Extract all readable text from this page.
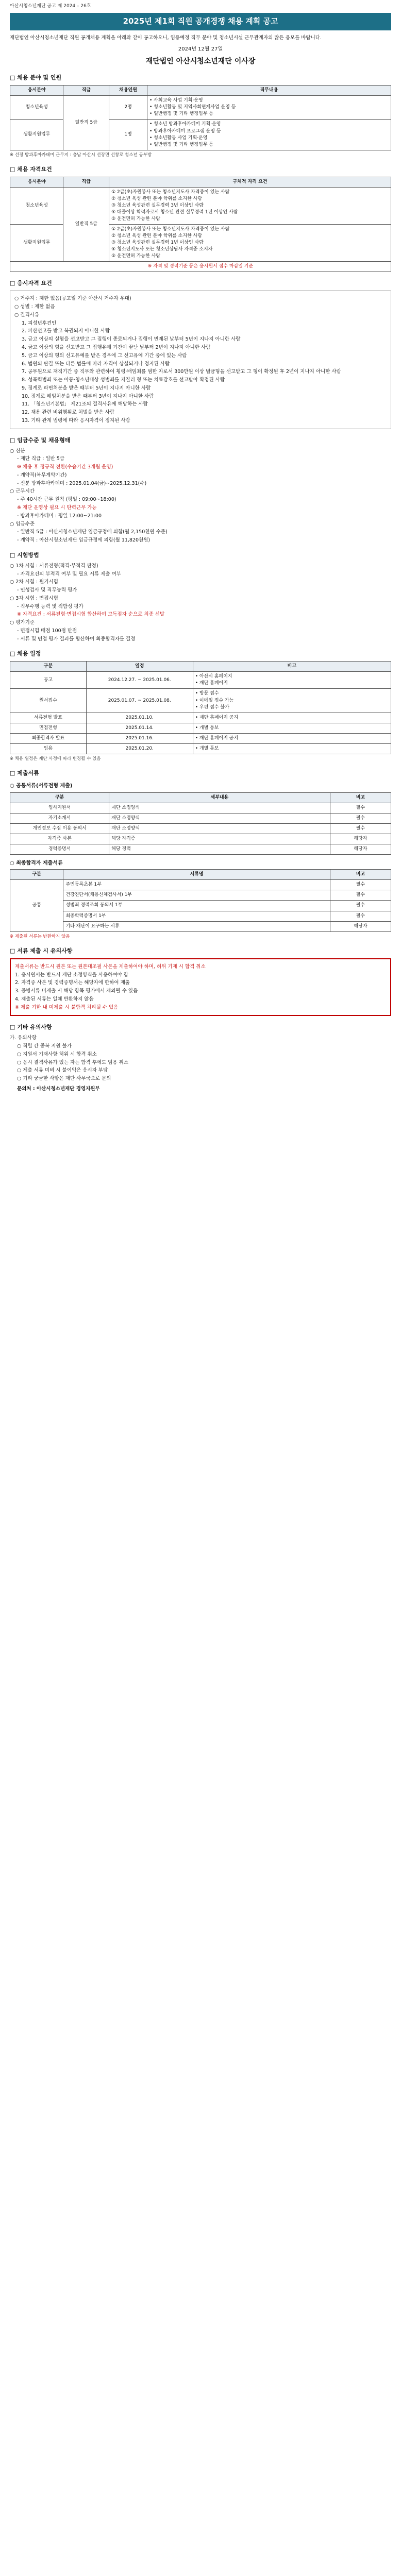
아산시청소년재단 공고 제 2024 – 26호
2025년 제1회 직원 공개경쟁 채용 계획 공고
재단법인 아산시청소년재단 직원 공개채용 계획을 아래와 같이 공고하오니, 임용예정 직무 분야 및 청소년시설 근무관계자의 많은 응모를 바랍니다.
2024년 12월 27일
재단법인 아산시청소년재단 이사장
□ 채용 분야 및 인원
응시분야	직급	채용인원	직무내용
청소년육성	일반직 5급	2명	• 사회교육 사업 기획·운영
• 청소년활동 및 지역사회연계사업 운영 등
• 일반행정 및 기타 행정업무 등
생활지원업무		1명	• 청소년 방과후아카데미 기획·운영
• 방과후아카데미 프로그램 운영 등
• 청소년활동 사업 기획·운영
• 일반행정 및 기타 행정업무 등
※ 선정 방과후아카데미 근무지 : 충남 아산시 선장면 선창로 청소년 공부방
□ 채용 자격요건
응시분야	직급	구체적 자격 요건
청소년육성	일반직 5급	① 2급(초)자원봉사 또는 청소년지도사 자격증이 있는 사람
② 청소년 육성 관련 분야 학위를 소지한 사람
③ 청소년 육성관련 실무경력 3년 이상인 사람
④ 대졸이상 학력자로서 청소년 관련 실무경력 1년 이상인 사람
⑤ 운전면허 가능한 사람
생활지원업무		① 2급(초)자원봉사 또는 청소년지도사 자격증이 있는 사람
② 청소년 육성 관련 분야 학위를 소지한 사람
③ 청소년 육성관련 실무경력 1년 이상인 사람
④ 청소년지도사 또는 청소년상담사 자격증 소지자
⑤ 운전면허 가능한 사람
※ 자격 및 경력기준 등은 응시원서 접수 마감일 기준		
□ 응시자격 요건
○ 거주지 : 제한 없음(공고일 기준 아산시 거주자 우대)
○ 성별 : 제한 없음
○ 결격사유
1. 피성년후견인
2. 파산선고를 받고 복권되지 아니한 사람
3. 금고 이상의 실형을 선고받고 그 집행이 종료되거나 집행이 면제된 날부터 5년이 지나지 아니한 사람
4. 금고 이상의 형을 선고받고 그 집행유예 기간이 끝난 날부터 2년이 지나지 아니한 사람
5. 금고 이상의 형의 선고유예를 받은 경우에 그 선고유예 기간 중에 있는 사람
6. 법원의 판결 또는 다른 법률에 따라 자격이 상실되거나 정지된 사람
7. 공무원으로 재직기간 중 직무와 관련하여 횡령·배임죄를 범한 자로서 300만원 이상 벌금형을 선고받고 그 형이 확정된 후 2년이 지나지 아니한 사람
8. 성폭력범죄 또는 아동·청소년대상 성범죄를 저질러 형 또는 치료감호를 선고받아 확정된 사람
9. 징계로 파면처분을 받은 때부터 5년이 지나지 아니한 사람
10. 징계로 해임처분을 받은 때부터 3년이 지나지 아니한 사람
11. 「청소년기본법」 제21조의 결격사유에 해당하는 사람
12. 채용 관련 비위행위로 처벌을 받은 사람
13. 기타 관계 법령에 따라 응시자격이 정지된 사람
□ 임금수준 및 채용형태
○ 신분
- 재단 직급 : 일반 5급
※ 채용 후 정규직 전환(수습기간 3개월 운영)
- 계약직(복무계약기간)
- 신분 방과후아카데미 : 2025.01.04(금)~2025.12.31(수)
○ 근무시간
- 주 40시간 근무 원칙 (평일 : 09:00~18:00)
※ 재단 운영상 필요 시 탄력근무 가능
- 방과후아카데미 : 평일 12:00~21:00
○ 임금수준
- 일반직 5급 : 아산시청소년재단 임금규정에 의함(월 2,150천원 수준)
- 계약직 : 아산시청소년재단 임금규정에 의함(월 11,820천원)
□ 시험방법
○ 1차 시험 : 서류전형(적격·부적격 판정)
- 자격요건의 부적격 여부 및 필요 서류 제출 여부
○ 2차 시험 : 필기시험
- 인성검사 및 직무능력 평가
○ 3차 시험 : 면접시험
- 직무수행 능력 및 적합성 평가
※ 자격요건 : 서류전형·면접시험 합산하여 고득점자 순으로 최종 선발
○ 평가기준
- 면접시험 배점 100점 만점
- 서류 및 면접 평가 결과를 합산하여 최종합격자를 결정
□ 채용 일정
구분	일정	비고
공고	2024.12.27. ~ 2025.01.06.	• 아산시 홈페이지
• 재단 홈페이지
원서접수	2025.01.07. ~ 2025.01.08.	• 방문 접수
• 이메일 접수 가능
• 우편 접수 불가
서류전형 발표	2025.01.10.	• 재단 홈페이지 공지
면접전형	2025.01.14.	• 개별 통보
최종합격자 발표	2025.01.16.	• 재단 홈페이지 공지
임용	2025.01.20.	• 개별 통보
※ 채용 일정은 재단 사정에 따라 변경될 수 있음
□ 제출서류
○ 공통서류(서류전형 제출)
구분	세부내용	비고
입사지원서	재단 소정양식	필수
자기소개서	재단 소정양식	필수
개인정보 수집 이용 동의서	재단 소정양식	필수
자격증 사본	해당 자격증	해당자
경력증명서	해당 경력	해당자
○ 최종합격자 제출서류
구분	서류명	비고
공통	주민등록초본 1부	필수
	건강진단서(채용신체검사서) 1부	필수
	성범죄 경력조회 동의서 1부	필수
	최종학력증명서 1부	필수
	기타 재단이 요구하는 서류	해당자
※ 제출된 서류는 반환하지 않음
□ 서류 제출 시 유의사항
제출서류는 반드시 원본 또는 원본대조필 사본을 제출하여야 하며, 허위 기재 시 합격 취소
1. 응시원서는 반드시 재단 소정양식을 사용하여야 함
2. 자격증 사본 및 경력증명서는 해당자에 한하여 제출
3. 증빙서류 미제출 시 해당 항목 평가에서 제외될 수 있음
4. 제출된 서류는 일체 반환하지 않음
※ 제출 기한 내 미제출 시 불합격 처리될 수 있음
□ 기타 유의사항
가. 유의사항
○ 직렬 간 중복 지원 불가
○ 지원서 기재사항 허위 시 합격 취소
○ 응시 결격사유가 있는 자는 합격 후에도 임용 취소
○ 제출 서류 미비 시 불이익은 응시자 부담
○ 기타 궁금한 사항은 재단 사무국으로 문의
문의처 : 아산시청소년재단 경영지원부
